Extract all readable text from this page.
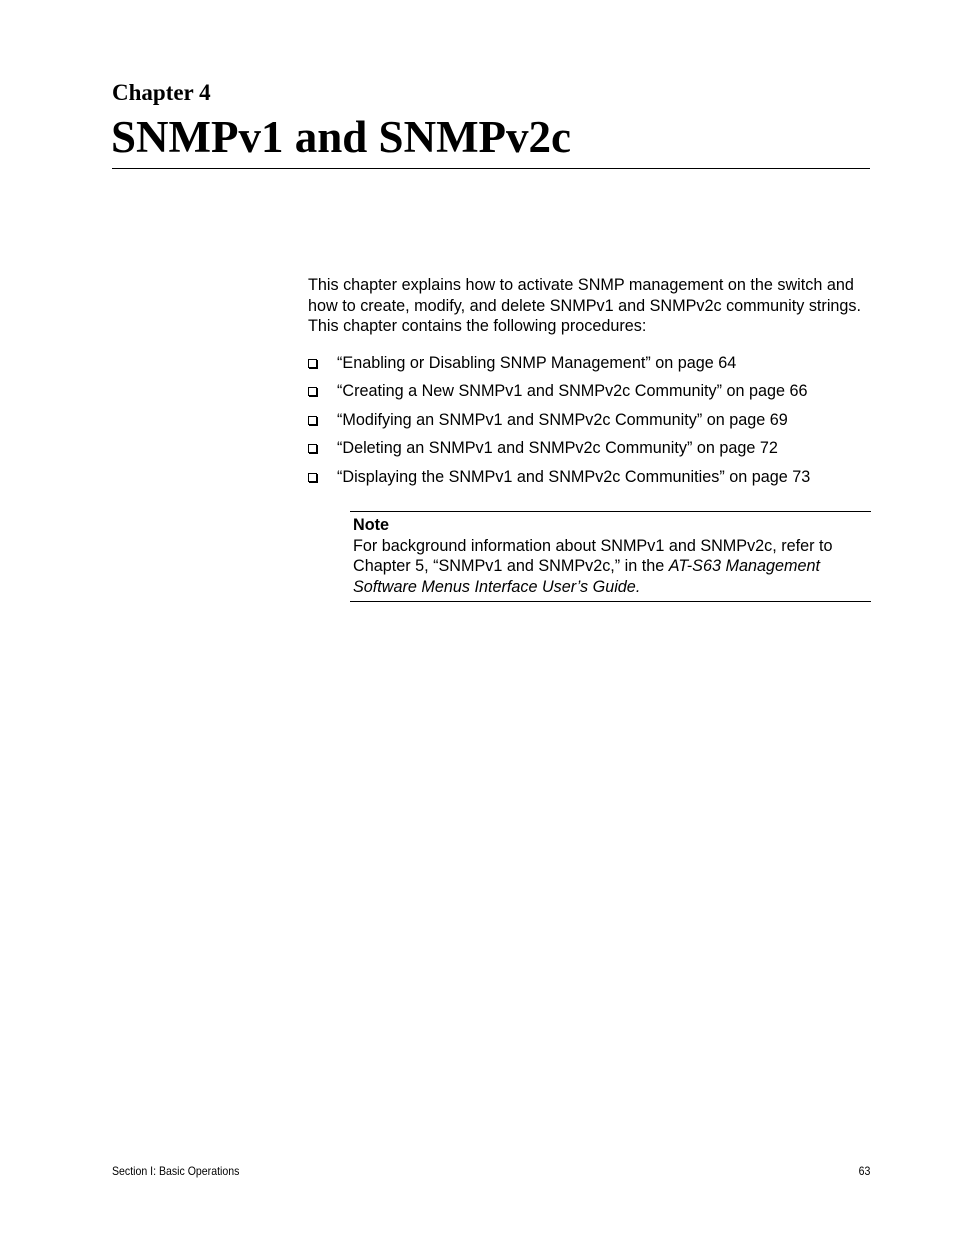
Chapter 4
SNMPv1 and SNMPv2c

This chapter explains how to activate SNMP management on the switch and how to create, modify, and delete SNMPv1 and SNMPv2c community strings. This chapter contains the following procedures:

“Enabling or Disabling SNMP Management” on page 64
“Creating a New SNMPv1 and SNMPv2c Community” on page 66
“Modifying an SNMPv1 and SNMPv2c Community” on page 69
“Deleting an SNMPv1 and SNMPv2c Community” on page 72
“Displaying the SNMPv1 and SNMPv2c Communities” on page 73
Note

For background information about SNMPv1 and SNMPv2c, refer to Chapter 5, “SNMPv1 and SNMPv2c,” in the AT-S63 Management Software Menus Interface User’s Guide.

Section I: Basic Operations	63
